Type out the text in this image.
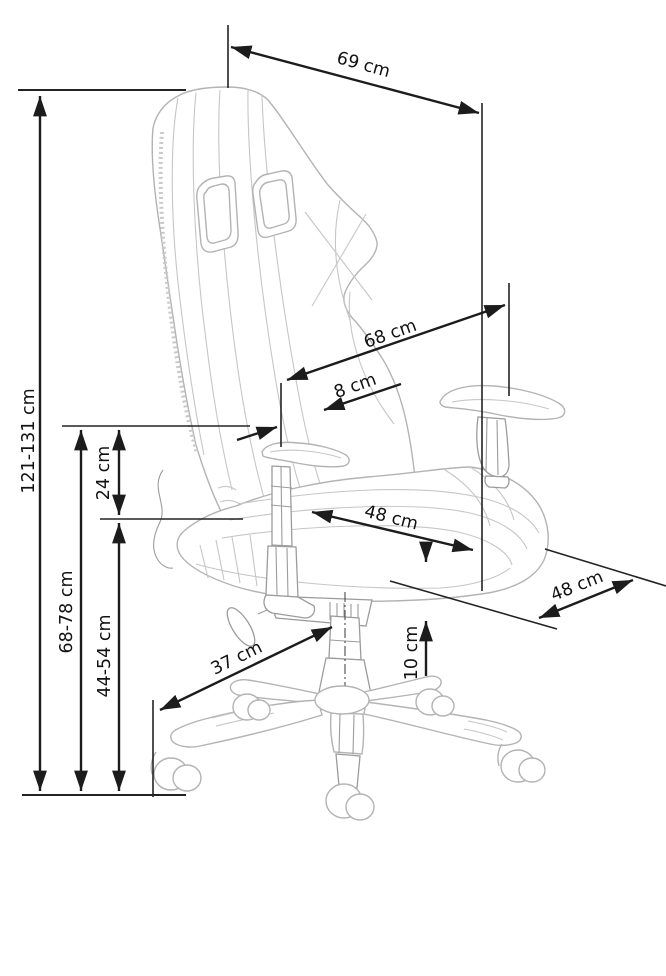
69 cm
121-131 cm
68 cm
8 cm
24 cm
48 cm
48 cm
68-78 cm
44-54 cm	37 cm	10 cm
